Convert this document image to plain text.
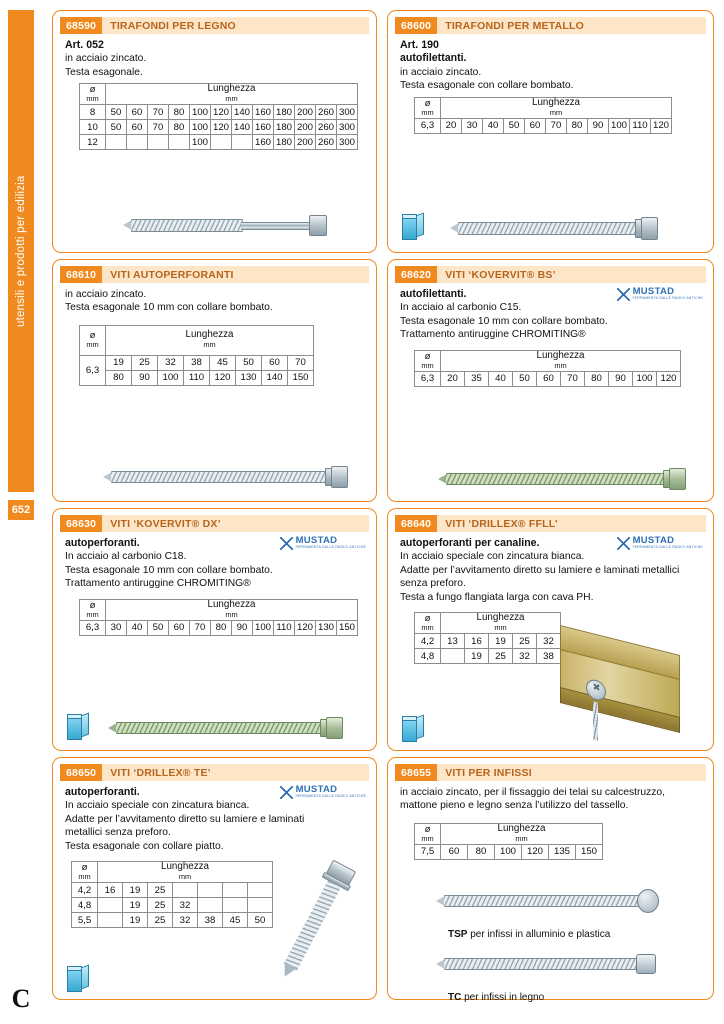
utensili e prodotti per edilizia
652
C
68590	TIRAFONDI PER LEGNO
Art. 052
in acciaio zincato.
Testa esagonale.
ø
mm	Lunghezza
mm											

8	50	60	70	80	100	120	140	160	180	200	260	300
10	50	60	70	80	100	120	140	160	180	200	260	300
12					100			160	180	200	260	300
68600	TIRAFONDI PER METALLO
Art. 190
autofilettanti.
in acciaio zincato.
Testa esagonale con collare bombato.
ø
mm	Lunghezza
mm										

6,3	20	30	40	50	60	70	80	90	100	110	120
68610	VITI AUTOPERFORANTI
in acciaio zincato.
Testa esagonale 10 mm con collare bombato.
ø
mm	Lunghezza
mm							

6,3	19	25	32	38	45	50	60	70
	80	90	100	110	120	130	140	150
68620	VITI ‘KOVERVIT® BS’
MUSTAD
FERRAMENTA DALLE RADICI ANTICHE
autofilettanti.
In acciaio al carbonio C15.
Testa esagonale 10 mm con collare bombato.
Trattamento antiruggine CHROMITING®
ø
mm	Lunghezza
mm									

6,3	20	35	40	50	60	70	80	90	100	120
68630	VITI ‘KOVERVIT® DX’
MUSTAD
FERRAMENTA DALLE RADICI ANTICHE
autoperforanti.
In acciaio al carbonio C18.
Testa esagonale 10 mm con collare bombato.
Trattamento antiruggine CHROMITING®
ø
mm	Lunghezza
mm											

6,3	30	40	50	60	70	80	90	100	110	120	130	150
68640	VITI ‘DRILLEX® FFLL’
MUSTAD
FERRAMENTA DALLE RADICI ANTICHE
autoperforanti per canaline.
In acciaio speciale con zincatura bianca.
Adatte per l’avvitamento diretto su lamiere e laminati metallici senza preforo.
Testa a fungo flangiata larga con cava PH.
ø
mm	Lunghezza
mm				

4,2	13	16	19	25	32
4,8		19	25	32	38
68650	VITI ‘DRILLEX® TE’
MUSTAD
FERRAMENTA DALLE RADICI ANTICHE
autoperforanti.
In acciaio speciale con zincatura bianca.
Adatte per l’avvitamento diretto su lamiere e laminati metallici senza preforo.
Testa esagonale con collare piatto.
ø
mm	Lunghezza
mm						

4,2	16	19	25				
4,8		19	25	32			
5,5		19	25	32	38	45	50
68655	VITI PER INFISSI
in acciaio zincato, per il fissaggio dei telai su calcestruzzo, mattone pieno e legno senza l’utilizzo del tassello.
ø
mm	Lunghezza
mm					

7,5	60	80	100	120	135	150
TSP per infissi in alluminio e plastica
TC per infissi in legno
